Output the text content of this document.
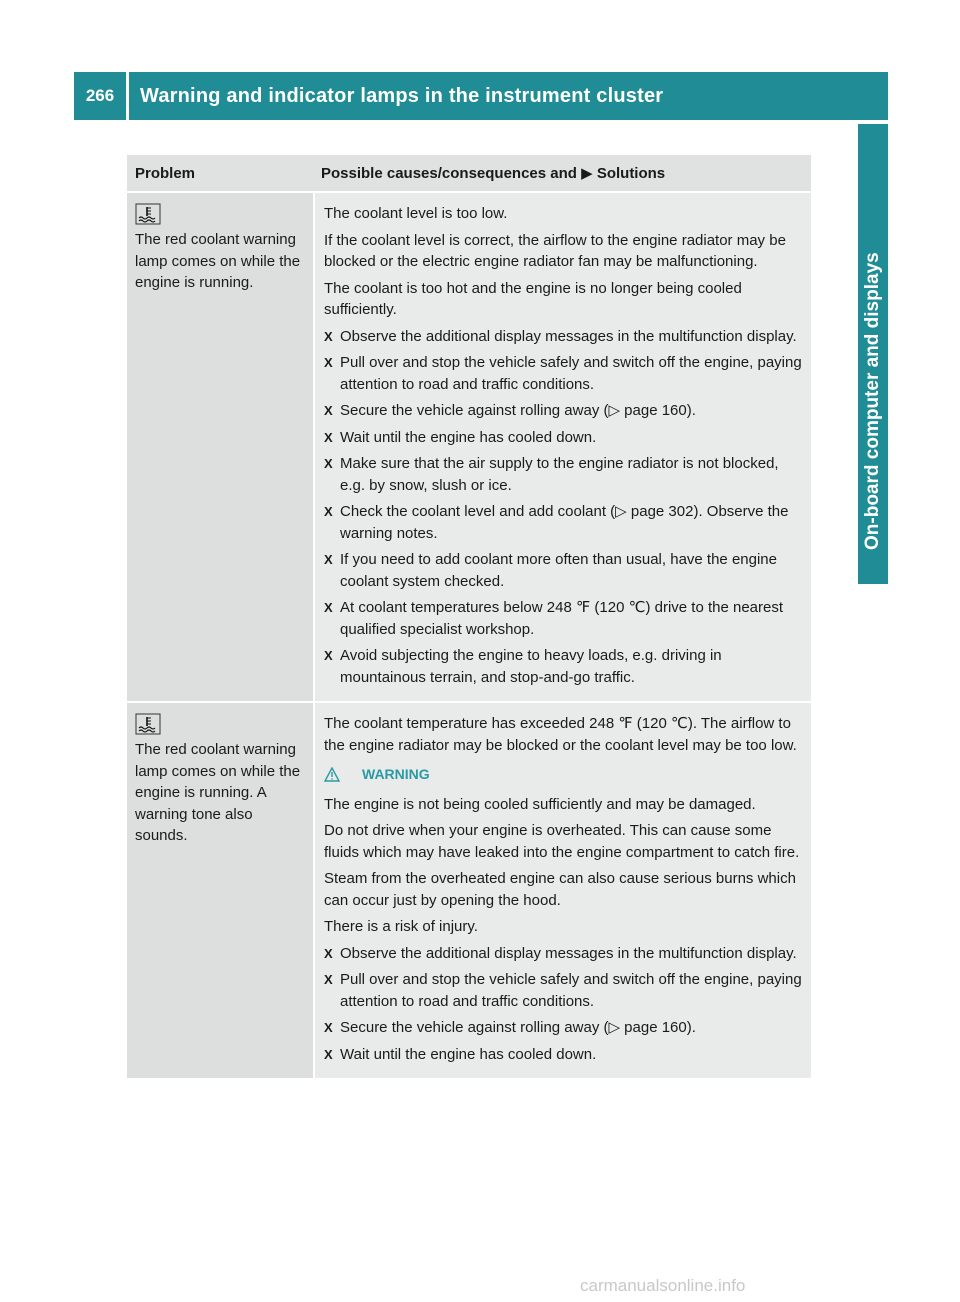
266	Warning and indicator lamps in the instrument cluster
On-board computer and displays
Problem	Possible causes/consequences and ▶ Solutions
The red coolant warning lamp comes on while the engine is running.

The coolant level is too low.

If the coolant level is correct, the airflow to the engine radiator may be blocked or the electric engine radiator fan may be malfunctioning.

The coolant is too hot and the engine is no longer being cooled sufficiently.

X Observe the additional display messages in the multifunction display.
X Pull over and stop the vehicle safely and switch off the engine, paying attention to road and traffic conditions.
X Secure the vehicle against rolling away (▷ page 160).
X Wait until the engine has cooled down.
X Make sure that the air supply to the engine radiator is not blocked, e.g. by snow, slush or ice.
X Check the coolant level and add coolant (▷ page 302). Observe the warning notes.
X If you need to add coolant more often than usual, have the engine coolant system checked.
X At coolant temperatures below 248 ℉ (120 ℃) drive to the nearest qualified specialist workshop.
X Avoid subjecting the engine to heavy loads, e.g. driving in mountainous terrain, and stop-and-go traffic.
The red coolant warning lamp comes on while the engine is running. A warning tone also sounds.

The coolant temperature has exceeded 248 ℉ (120 ℃). The airflow to the engine radiator may be blocked or the coolant level may be too low.

WARNING

The engine is not being cooled sufficiently and may be damaged.

Do not drive when your engine is overheated. This can cause some fluids which may have leaked into the engine compartment to catch fire.

Steam from the overheated engine can also cause serious burns which can occur just by opening the hood.

There is a risk of injury.

X Observe the additional display messages in the multifunction display.
X Pull over and stop the vehicle safely and switch off the engine, paying attention to road and traffic conditions.
X Secure the vehicle against rolling away (▷ page 160).
X Wait until the engine has cooled down.
carmanualsonline.info
